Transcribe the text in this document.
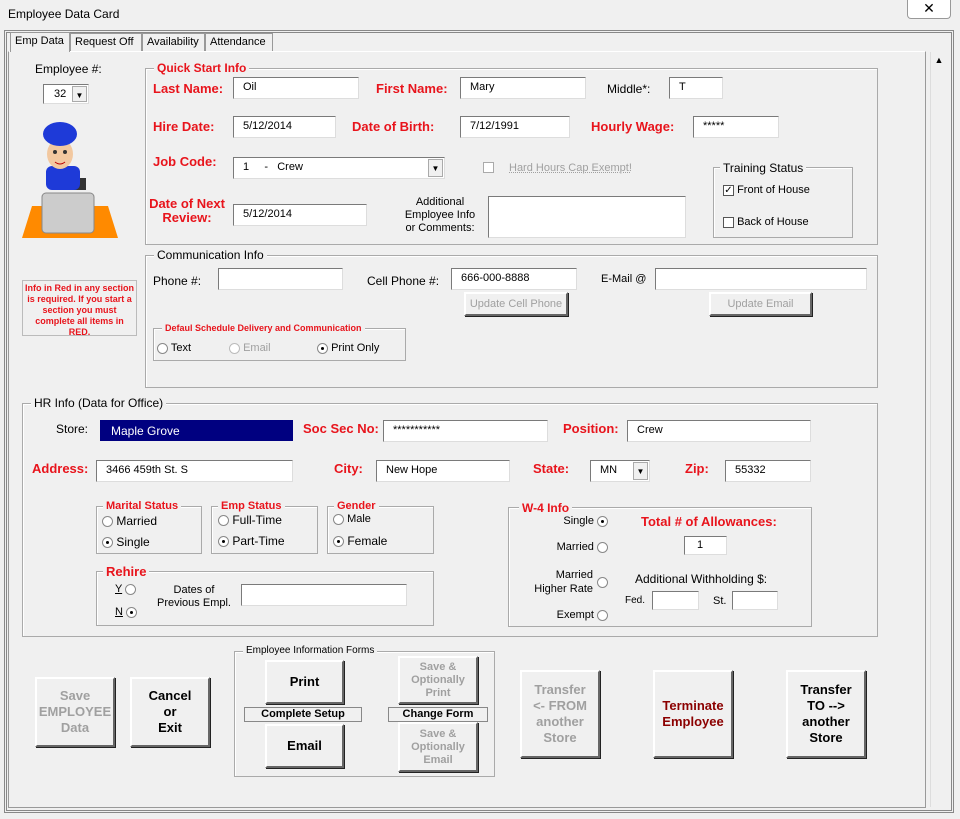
Employee Data Card	✕
Emp Data	Request Off	Availability	Attendance
▲
Employee #:
32	▼
Quick Start Info
Last Name:	Oil	First Name:	Mary	Middle*:	T
Hire Date:	5/12/2014	Date of Birth:	7/12/1991	Hourly Wage:	*****
Job Code:	1     -   Crew	▼	Hard Hours Cap Exempt!
Date of Next
Review:	5/12/2014
Additional
Employee Info
or Comments:
Training Status
✓ Front of House
Back of House
Info in Red in any section is required. If you start a section you must complete all items in RED.
Communication Info
Phone #:	Cell Phone #:	666-000-8888	E-Mail @
Update Cell Phone	Update Email
Defaul Schedule Delivery and Communication
Text	Email	Print Only
HR Info (Data for Office)
Store:	Maple Grove	Soc Sec No:	***********	Position:	Crew
Address:	3466 459th St. S	City:	New Hope	State:	MN	▼	Zip:	55332
Marital Status
Married
Single
Emp Status
Full-Time
Part-Time
Gender
Male
Female
Rehire
Y
N
Dates of
Previous Empl.
W-4 Info
Single
Married
Married
Higher Rate
Exempt
Total # of Allowances:
1
Additional Withholding $:
Fed.	St.
Save
EMPLOYEE
Data
Cancel
or
Exit
Employee Information Forms
Print
Complete Setup
Email
Save &
Optionally
Print
Change Form
Save &
Optionally
Email
Transfer
<- FROM
another
Store
Terminate
Employee
Transfer
TO -->
another
Store
